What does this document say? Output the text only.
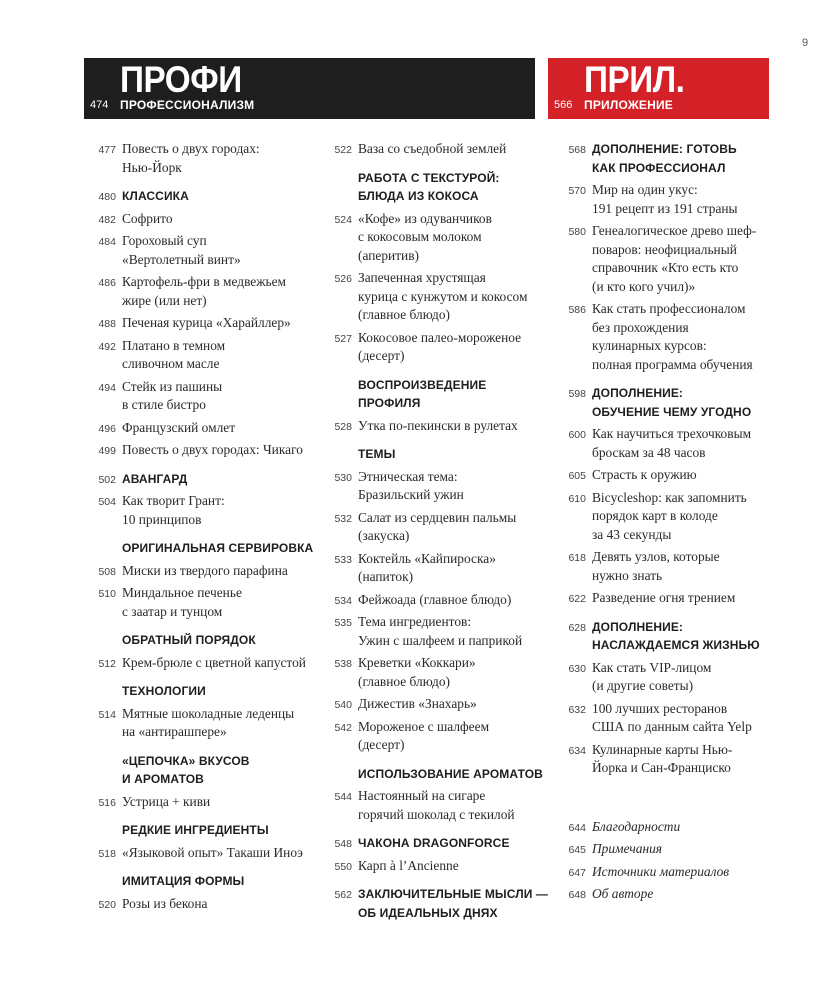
9
ПРОФИ
474 ПРОФЕССИОНАЛИЗМ
ПРИЛ.
566 ПРИЛОЖЕНИЕ
477 Повесть о двух городах:
Нью-Йорк
480 КЛАССИКА
482 Софрито
484 Гороховый суп
«Вертолетный винт»
486 Картофель-фри в медвежьем
жире (или нет)
488 Печеная курица «Харайллер»
492 Платано в темном
сливочном масле
494 Стейк из пашины
в стиле бистро
496 Французский омлет
499 Повесть о двух городах: Чикаго
502 АВАНГАРД
504 Как творит Грант:
10 принципов
ОРИГИНАЛЬНАЯ СЕРВИРОВКА
508 Миски из твердого парафина
510 Миндальное печенье
с заатар и тунцом
ОБРАТНЫЙ ПОРЯДОК
512 Крем-брюле с цветной капустой
ТЕХНОЛОГИИ
514 Мятные шоколадные леденцы
на «антирашпере»
«ЦЕПОЧКА» ВКУСОВ
И АРОМАТОВ
516 Устрица + киви
РЕДКИЕ ИНГРЕДИЕНТЫ
518 «Языковой опыт» Такаши Иноэ
ИМИТАЦИЯ ФОРМЫ
520 Розы из бекона
522 Ваза со съедобной землей
РАБОТА С ТЕКСТУРОЙ:
БЛЮДА ИЗ КОКОСА
524 «Кофе» из одуванчиков
с кокосовым молоком
(аперитив)
526 Запеченная хрустящая
курица с кунжутом и кокосом
(главное блюдо)
527 Кокосовое палео-мороженое
(десерт)
ВОСПРОИЗВЕДЕНИЕ ПРОФИЛЯ
528 Утка по-пекински в рулетах
ТЕМЫ
530 Этническая тема:
Бразильский ужин
532 Салат из сердцевин пальмы
(закуска)
533 Коктейль «Кайпироска»
(напиток)
534 Фейжоада (главное блюдо)
535 Тема ингредиентов:
Ужин с шалфеем и паприкой
538 Креветки «Коккари»
(главное блюдо)
540 Дижестив «Знахарь»
542 Мороженое с шалфеем
(десерт)
ИСПОЛЬЗОВАНИЕ АРОМАТОВ
544 Настоянный на сигаре
горячий шоколад с текилой
548 ЧАКОНА DRAGONFORCE
550 Карп à l’Ancienne
562 ЗАКЛЮЧИТЕЛЬНЫЕ МЫСЛИ —
ОБ ИДЕАЛЬНЫХ ДНЯХ
568 ДОПОЛНЕНИЕ: ГОТОВЬ
КАК ПРОФЕССИОНАЛ
570 Мир на один укус:
191 рецепт из 191 страны
580 Генеалогическое древо шеф-
поваров: неофициальный
справочник «Кто есть кто
(и кто кого учил)»
586 Как стать профессионалом
без прохождения
кулинарных курсов:
полная программа обучения
598 ДОПОЛНЕНИЕ:
ОБУЧЕНИЕ ЧЕМУ УГОДНО
600 Как научиться трехочковым
броскам за 48 часов
605 Страсть к оружию
610 Bicycleshop: как запомнить
порядок карт в колоде
за 43 секунды
618 Девять узлов, которые
нужно знать
622 Разведение огня трением
628 ДОПОЛНЕНИЕ:
НАСЛАЖДАЕМСЯ ЖИЗНЬЮ
630 Как стать VIP-лицом
(и другие советы)
632 100 лучших ресторанов
США по данным сайта Yelp
634 Кулинарные карты Нью-
Йорка и Сан-Франциско
644 Благодарности
645 Примечания
647 Источники материалов
648 Об авторе
